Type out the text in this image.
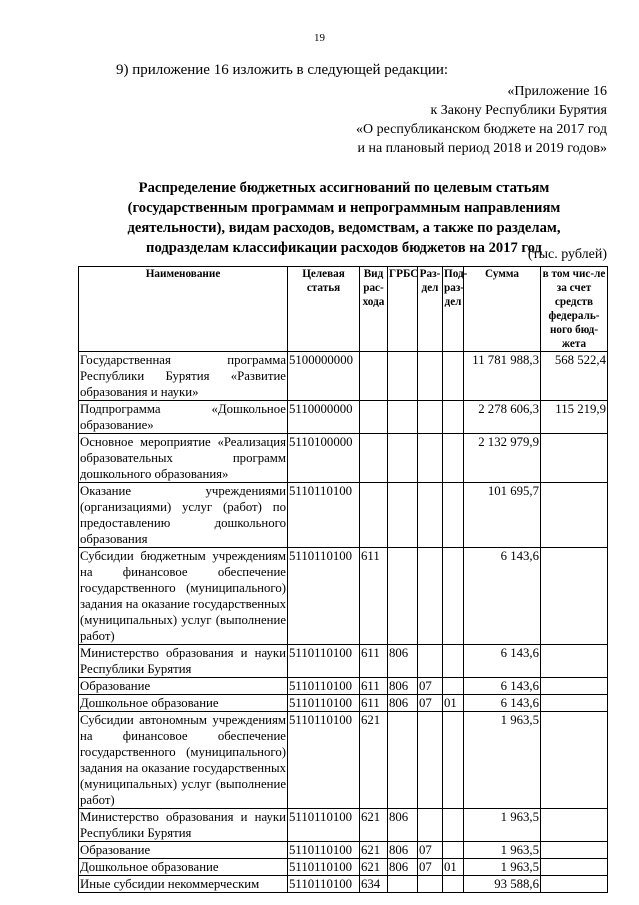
19
9) приложение 16 изложить в следующей редакции:
«Приложение 16
к Закону Республики Бурятия
«О республиканском бюджете на 2017 год
и на плановый период 2018 и 2019 годов»
Распределение бюджетных ассигнований по целевым статьям
(государственным программам и непрограммным направлениям
деятельности), видам расходов, ведомствам, а также по разделам,
подразделам классификации расходов бюджетов на 2017 год
(тыс. рублей)
Наименование	Целевая статья	Вид рас-хода	ГРБС	Раз-дел	Под-раз-дел	Сумма	в том чис-ле за счет средств федераль-ного бюд-жета
Государственная программа Республики Бурятия «Развитие образования и науки»	5100000000					11 781 988,3	568 522,4
Подпрограмма «Дошкольное образование»	5110000000					2 278 606,3	115 219,9
Основное мероприятие «Реализация образовательных программ дошкольного образования»	5110100000					2 132 979,9	
Оказание учреждениями (организациями) услуг (работ) по предоставлению дошкольного образования	5110110100					101 695,7	
Субсидии бюджетным учреждениям на финансовое обеспечение государственного (муниципального) задания на оказание государственных (муниципальных) услуг (выполнение работ)	5110110100	611				6 143,6	
Министерство образования и науки Республики Бурятия	5110110100	611	806			6 143,6	
Образование	5110110100	611	806	07		6 143,6	
Дошкольное образование	5110110100	611	806	07	01	6 143,6	
Субсидии автономным учреждениям на финансовое обеспечение государственного (муниципального) задания на оказание государственных (муниципальных) услуг (выполнение работ)	5110110100	621				1 963,5	
Министерство образования и науки Республики Бурятия	5110110100	621	806			1 963,5	
Образование	5110110100	621	806	07		1 963,5	
Дошкольное образование	5110110100	621	806	07	01	1 963,5	
Иные субсидии некоммерческим	5110110100	634				93 588,6	
